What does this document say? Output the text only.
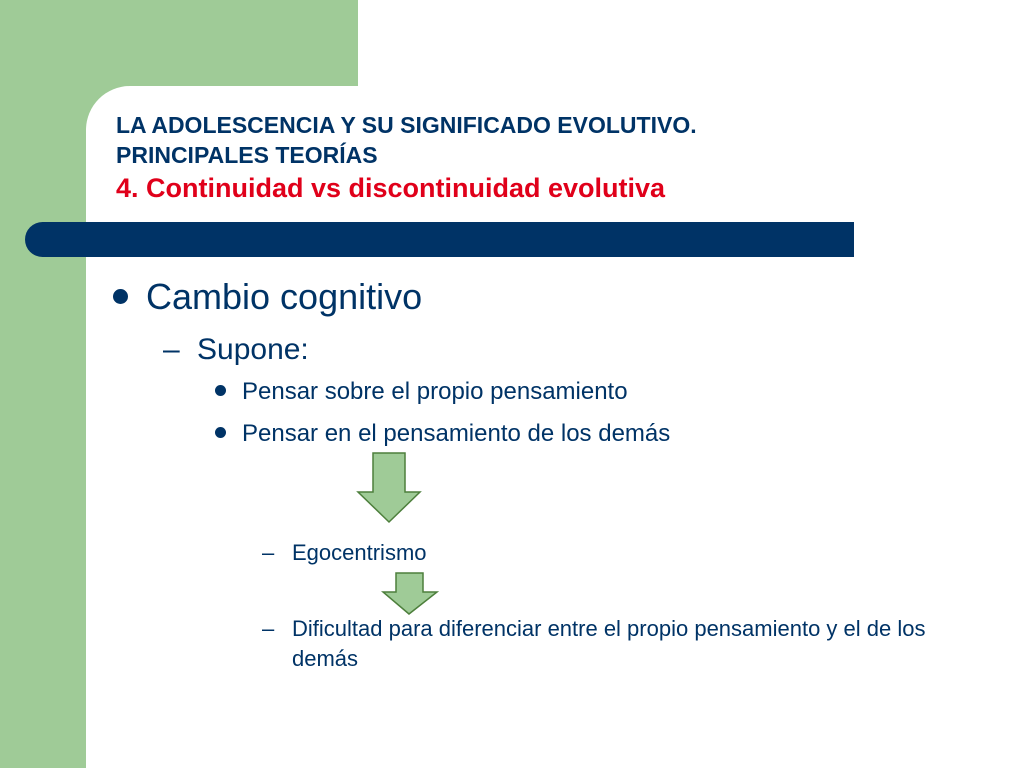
LA ADOLESCENCIA Y SU SIGNIFICADO EVOLUTIVO.
PRINCIPALES TEORÍAS
4. Continuidad vs discontinuidad evolutiva
Cambio cognitivo
– Supone:
Pensar sobre el propio pensamiento
Pensar en el pensamiento de los demás
– Egocentrismo
– Dificultad para diferenciar entre el propio pensamiento y el de los demás
